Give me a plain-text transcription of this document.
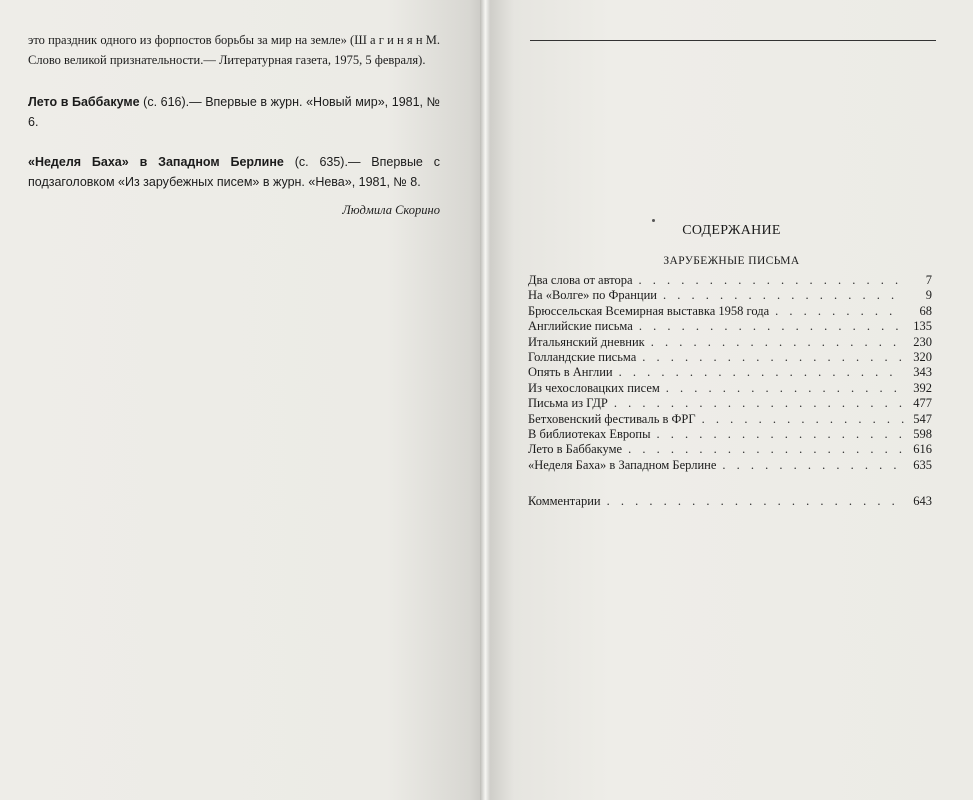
это праздник одного из форпостов борьбы за мир на земле» (Ш а г и н я н М. Слово великой признательности.— Литературная газета, 1975, 5 февраля).

Лето в Баббакуме (с. 616).— Впервые в журн. «Новый мир», 1981, № 6.

«Неделя Баха» в Западном Берлине (с. 635).— Впервые с подзаголовком «Из зарубежных писем» в журн. «Нева», 1981, № 8.

Людмила Скорино

СОДЕРЖАНИЕ
ЗАРУБЕЖНЫЕ ПИСЬМА
Два слова от автора . . .	7
На «Волге» по Франции . . .	9
Брюссельская Всемирная выставка 1958 года . . .	68
Английские письма . . .	135
Итальянский дневник . . .	230
Голландские письма . . .	320
Опять в Англии . . .	343
Из чехословацких писем . . .	392
Письма из ГДР . . .	477
Бетховенский фестиваль в ФРГ . . .	547
В библиотеках Европы . . .	598
Лето в Баббакуме . . .	616
«Неделя Баха» в Западном Берлине . . .	635
Комментарии . . .	643
